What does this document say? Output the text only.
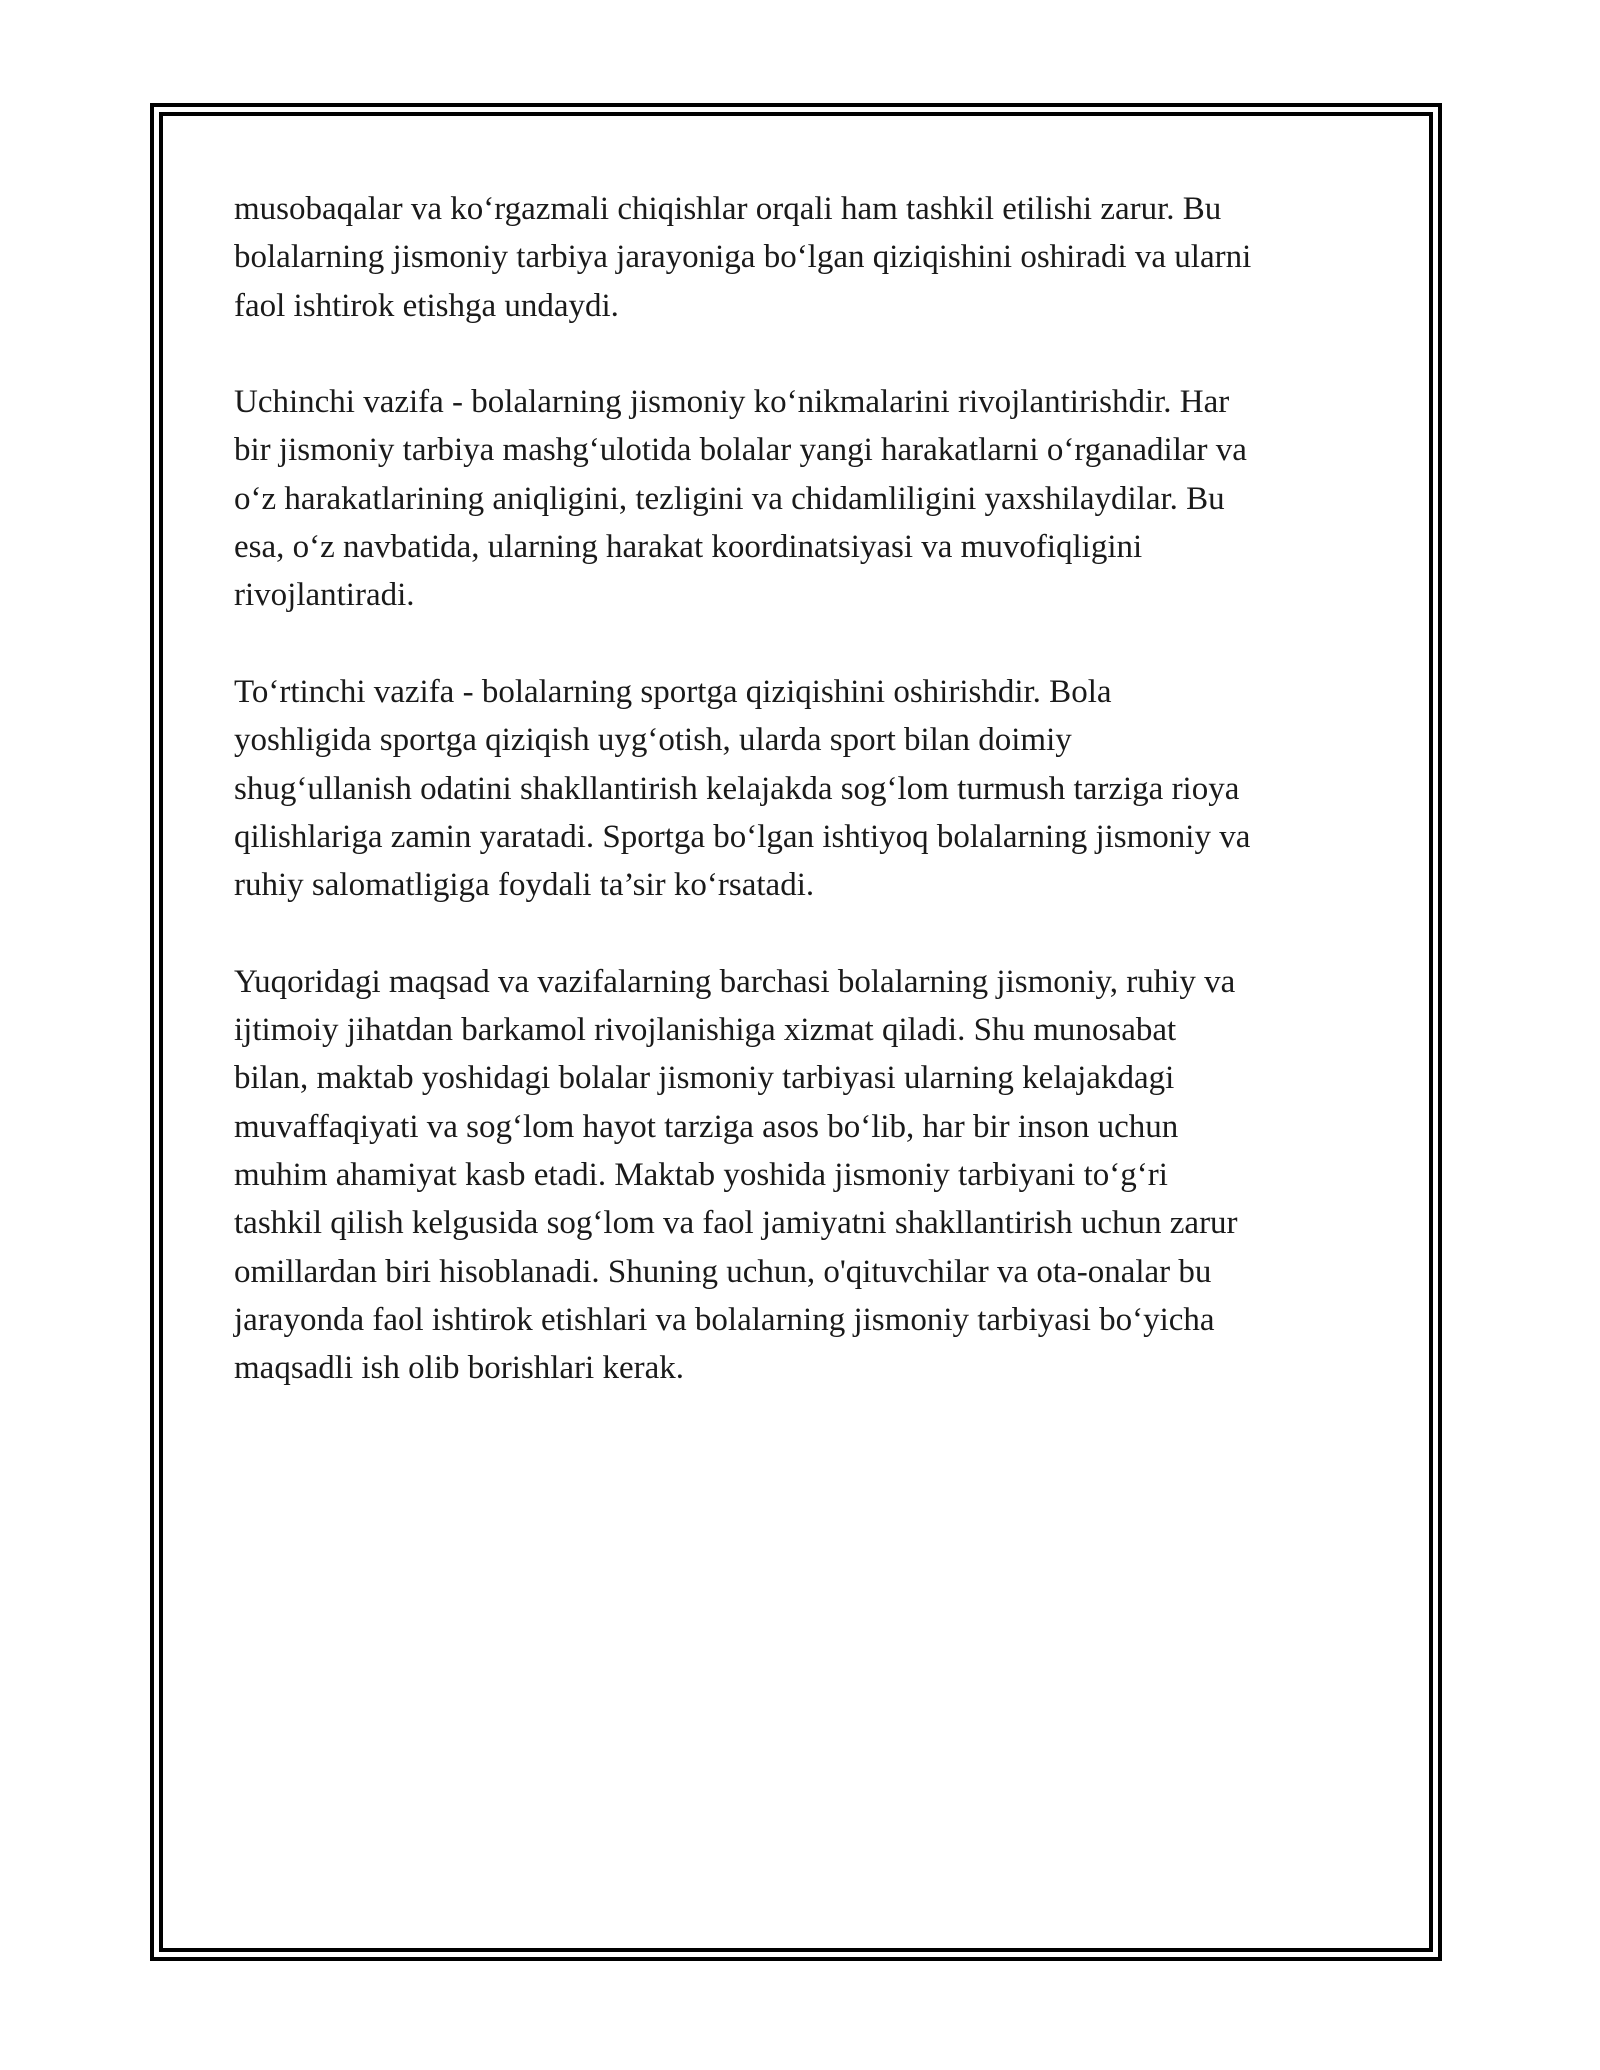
musobaqalar va ko‘rgazmali chiqishlar orqali ham tashkil etilishi zarur. Bu
bolalarning jismoniy tarbiya jarayoniga bo‘lgan qiziqishini oshiradi va ularni
faol ishtirok etishga undaydi.

Uchinchi vazifa - bolalarning jismoniy ko‘nikmalarini rivojlantirishdir. Har
bir jismoniy tarbiya mashg‘ulotida bolalar yangi harakatlarni o‘rganadilar va
o‘z harakatlarining aniqligini, tezligini va chidamliligini yaxshilaydilar. Bu
esa, o‘z navbatida, ularning harakat koordinatsiyasi va muvofiqligini
rivojlantiradi.

To‘rtinchi vazifa - bolalarning sportga qiziqishini oshirishdir. Bola
yoshligida sportga qiziqish uyg‘otish, ularda sport bilan doimiy
shug‘ullanish odatini shakllantirish kelajakda sog‘lom turmush tarziga rioya
qilishlariga zamin yaratadi. Sportga bo‘lgan ishtiyoq bolalarning jismoniy va
ruhiy salomatligiga foydali ta’sir ko‘rsatadi.

Yuqoridagi maqsad va vazifalarning barchasi bolalarning jismoniy, ruhiy va
ijtimoiy jihatdan barkamol rivojlanishiga xizmat qiladi. Shu munosabat
bilan, maktab yoshidagi bolalar jismoniy tarbiyasi ularning kelajakdagi
muvaffaqiyati va sog‘lom hayot tarziga asos bo‘lib, har bir inson uchun
muhim ahamiyat kasb etadi. Maktab yoshida jismoniy tarbiyani to‘g‘ri
tashkil qilish kelgusida sog‘lom va faol jamiyatni shakllantirish uchun zarur
omillardan biri hisoblanadi. Shuning uchun, o'qituvchilar va ota-onalar bu
jarayonda faol ishtirok etishlari va bolalarning jismoniy tarbiyasi bo‘yicha
maqsadli ish olib borishlari kerak.
